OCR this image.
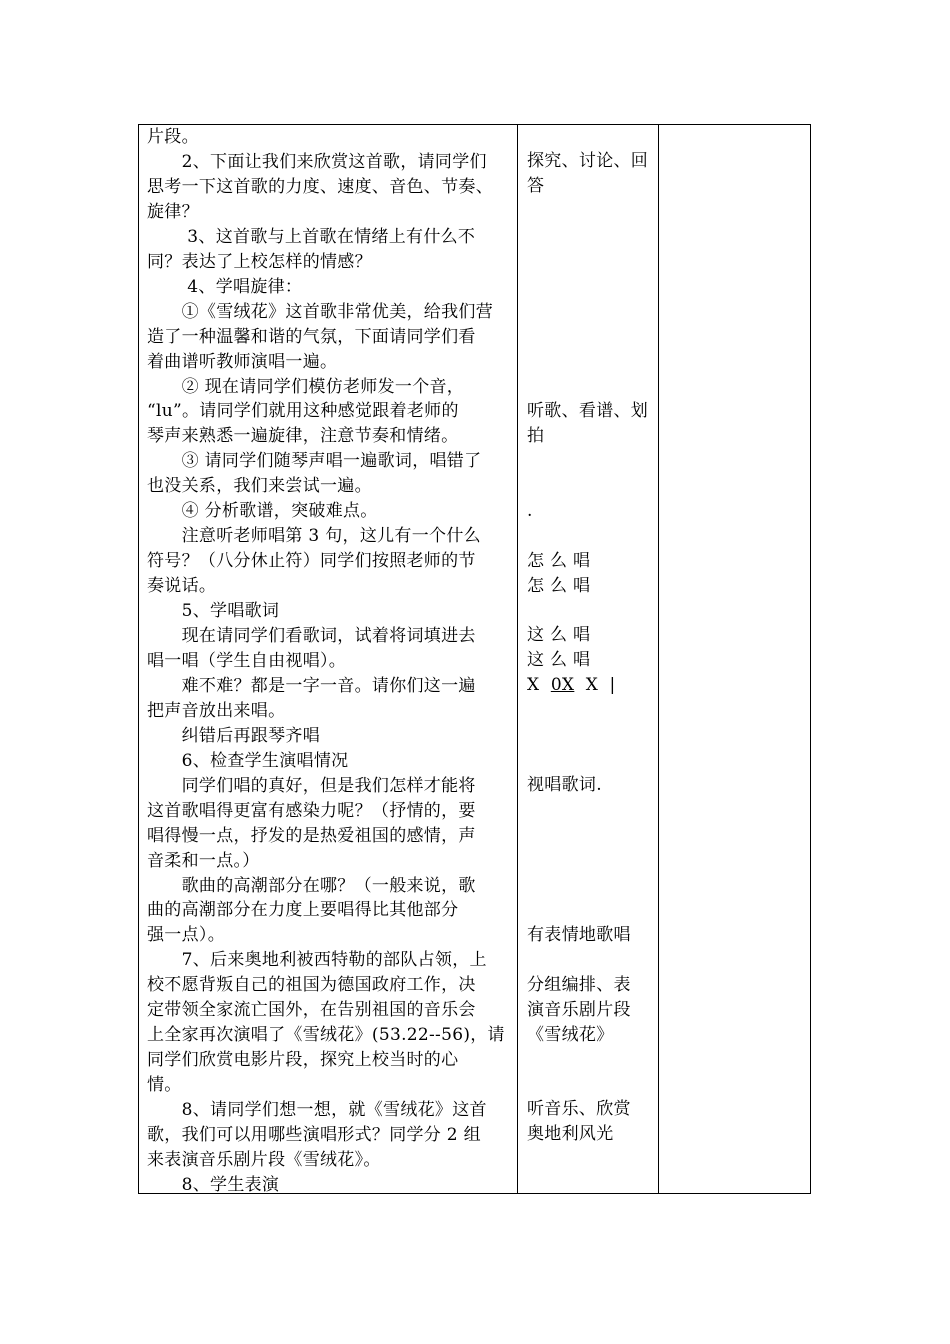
片段。
　　2、下面让我们来欣赏这首歌，请同学们
思考一下这首歌的力度、速度、音色、节奏、
旋律？
　　 3、这首歌与上首歌在情绪上有什么不
同？表达了上校怎样的情感？
　　 4、学唱旋律：
　　①《雪绒花》这首歌非常优美，给我们营
造了一种温馨和谐的气氛，下面请同学们看
着曲谱听教师演唱一遍。
　　② 现在请同学们模仿老师发一个音，
“lu”。请同学们就用这种感觉跟着老师的
琴声来熟悉一遍旋律，注意节奏和情绪。
　　③ 请同学们随琴声唱一遍歌词，唱错了
也没关系，我们来尝试一遍。
　　④ 分析歌谱，突破难点。
　　注意听老师唱第 3 句，这儿有一个什么
符号？（八分休止符）同学们按照老师的节
奏说话。
　　5、学唱歌词
　　现在请同学们看歌词，试着将词填进去
唱一唱（学生自由视唱）。
　　难不难？都是一字一音。请你们这一遍
把声音放出来唱。
　　纠错后再跟琴齐唱
　　6、检查学生演唱情况
　　同学们唱的真好，但是我们怎样才能将
这首歌唱得更富有感染力呢？（抒情的，要
唱得慢一点，抒发的是热爱祖国的感情，声
音柔和一点。）
　　歌曲的高潮部分在哪？（一般来说，歌
曲的高潮部分在力度上要唱得比其他部分
强一点）。
　　7、后来奥地利被西特勒的部队占领，上
校不愿背叛自己的祖国为德国政府工作，决
定带领全家流亡国外，在告别祖国的音乐会
上全家再次演唱了《雪绒花》(53.22--56)，请
同学们欣赏电影片段，探究上校当时的心
情。
　　8、请同学们想一想，就《雪绒花》这首
歌，我们可以用哪些演唱形式？同学分 2 组
来表演音乐剧片段《雪绒花》。
　　8、学生表演
探究、讨论、回
答
听歌、看谱、划
拍
.
怎 么 唱
怎 么 唱
这 么 唱
这 么 唱
X  0X  X  |
视唱歌词.
有表情地歌唱
分组编排、表
演音乐剧片段
《雪绒花》
听音乐、欣赏
奥地利风光
